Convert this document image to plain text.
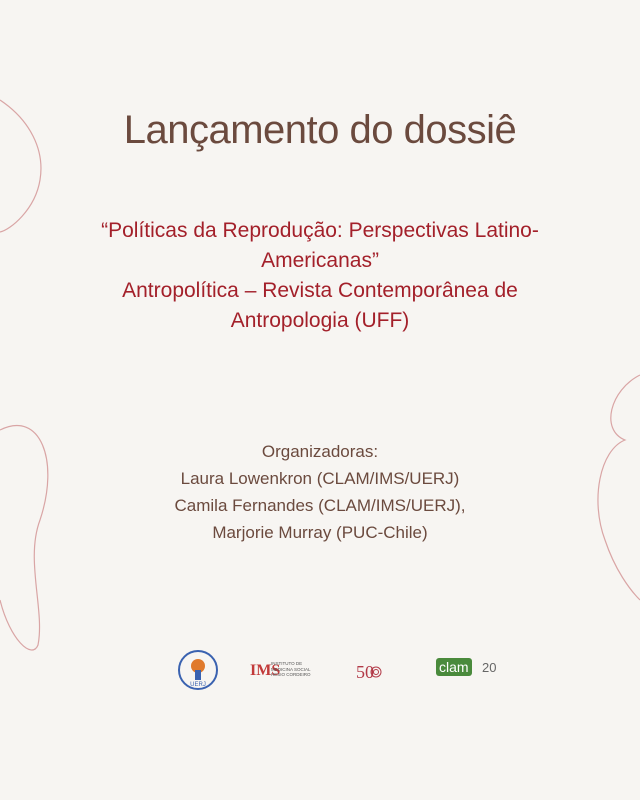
Lançamento do dossiê
“Políticas da Reprodução: Perspectivas Latino-
Americanas”
Antropolítica – Revista Contemporânea de
Antropologia (UFF)
Organizadoras:
Laura Lowenkron (CLAM/IMS/UERJ)
Camila Fernandes (CLAM/IMS/UERJ),
Marjorie Murray (PUC-Chile)
UERJ
IMS
INSTITUTO DE
MEDICINA SOCIAL
HESIO CORDEIRO	50	clam 20
